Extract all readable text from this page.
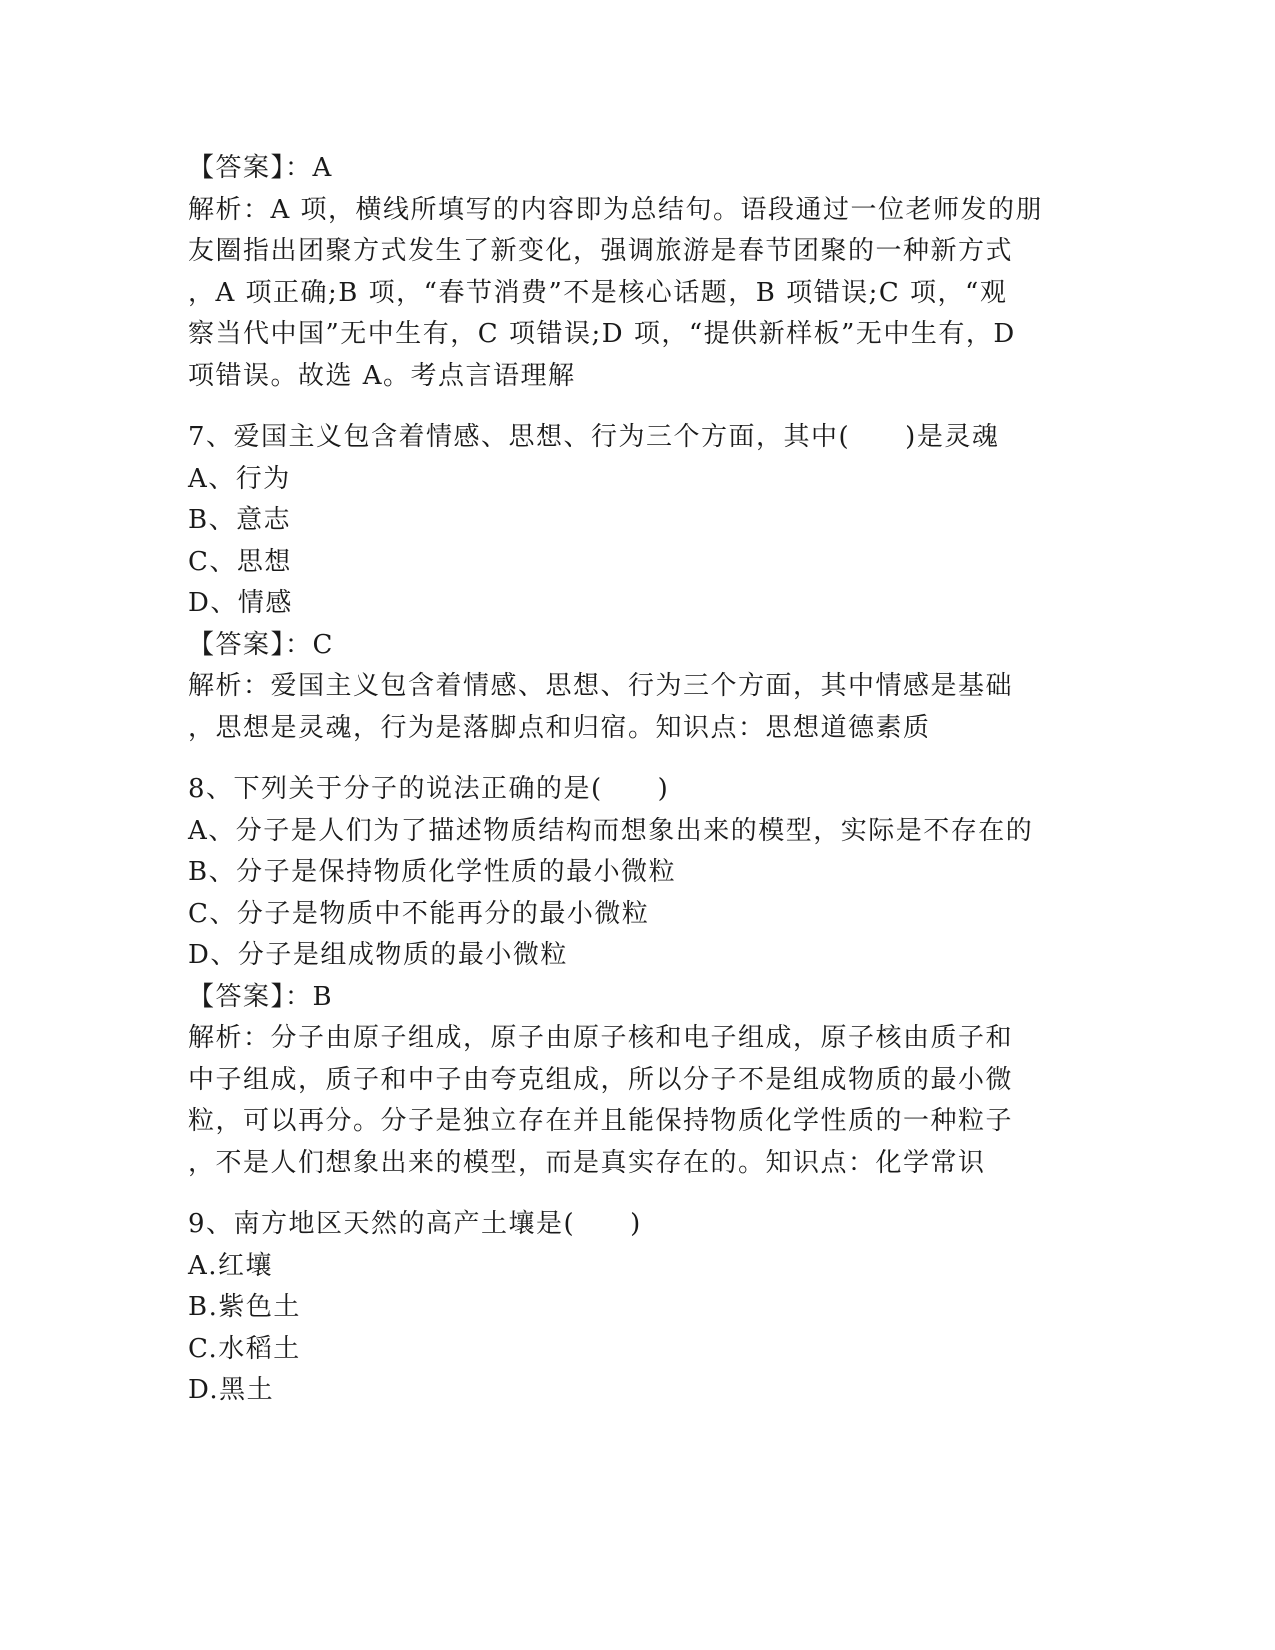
【答案】：A
解析：A 项，横线所填写的内容即为总结句。语段通过一位老师发的朋
友圈指出团聚方式发生了新变化，强调旅游是春节团聚的一种新方式
，A 项正确;B 项，“春节消费”不是核心话题，B 项错误;C 项，“观
察当代中国”无中生有，C 项错误;D 项，“提供新样板”无中生有，D
项错误。故选 A。考点言语理解
7、爱国主义包含着情感、思想、行为三个方面，其中(　　)是灵魂
A、行为
B、意志
C、思想
D、情感
【答案】：C
解析：爱国主义包含着情感、思想、行为三个方面，其中情感是基础
，思想是灵魂，行为是落脚点和归宿。知识点：思想道德素质
8、下列关于分子的说法正确的是(　　)
A、分子是人们为了描述物质结构而想象出来的模型，实际是不存在的
B、分子是保持物质化学性质的最小微粒
C、分子是物质中不能再分的最小微粒
D、分子是组成物质的最小微粒
【答案】：B
解析：分子由原子组成，原子由原子核和电子组成，原子核由质子和
中子组成，质子和中子由夸克组成，所以分子不是组成物质的最小微
粒，可以再分。分子是独立存在并且能保持物质化学性质的一种粒子
，不是人们想象出来的模型，而是真实存在的。知识点：化学常识
9、南方地区天然的高产土壤是(　　)
A.红壤
B.紫色土
C.水稻土
D.黑土
